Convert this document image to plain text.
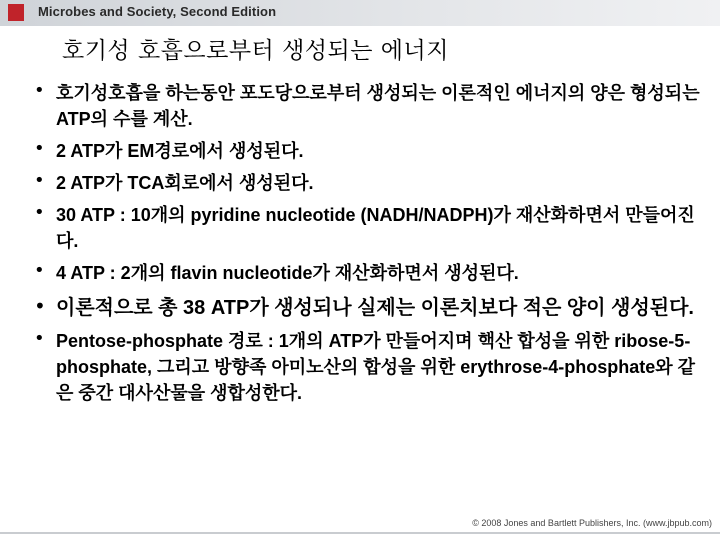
Microbes and Society, Second Edition
호기성 호흡으로부터 생성되는 에너지
• 호기성호흡을 하는동안 포도당으로부터 생성되는 이론적인 에너지의 양은 형성되는 ATP의 수를 계산.
• 2 ATP가 EM경로에서 생성된다.
• 2 ATP가 TCA회로에서 생성된다.
• 30 ATP : 10개의 pyridine nucleotide (NADH/NADPH)가 재산화하면서 만들어진다.
• 4 ATP : 2개의 flavin nucleotide가 재산화하면서 생성된다.
• 이론적으로 총 38 ATP가 생성되나 실제는 이론치보다 적은 양이 생성된다.
• Pentose-phosphate 경로 : 1개의 ATP가 만들어지며 핵산 합성을 위한 ribose-5-phosphate, 그리고 방향족 아미노산의 합성을 위한 erythrose-4-phosphate와 같은 중간 대사산물을 생합성한다.
© 2008 Jones and Bartlett Publishers, Inc. (www.jbpub.com)
